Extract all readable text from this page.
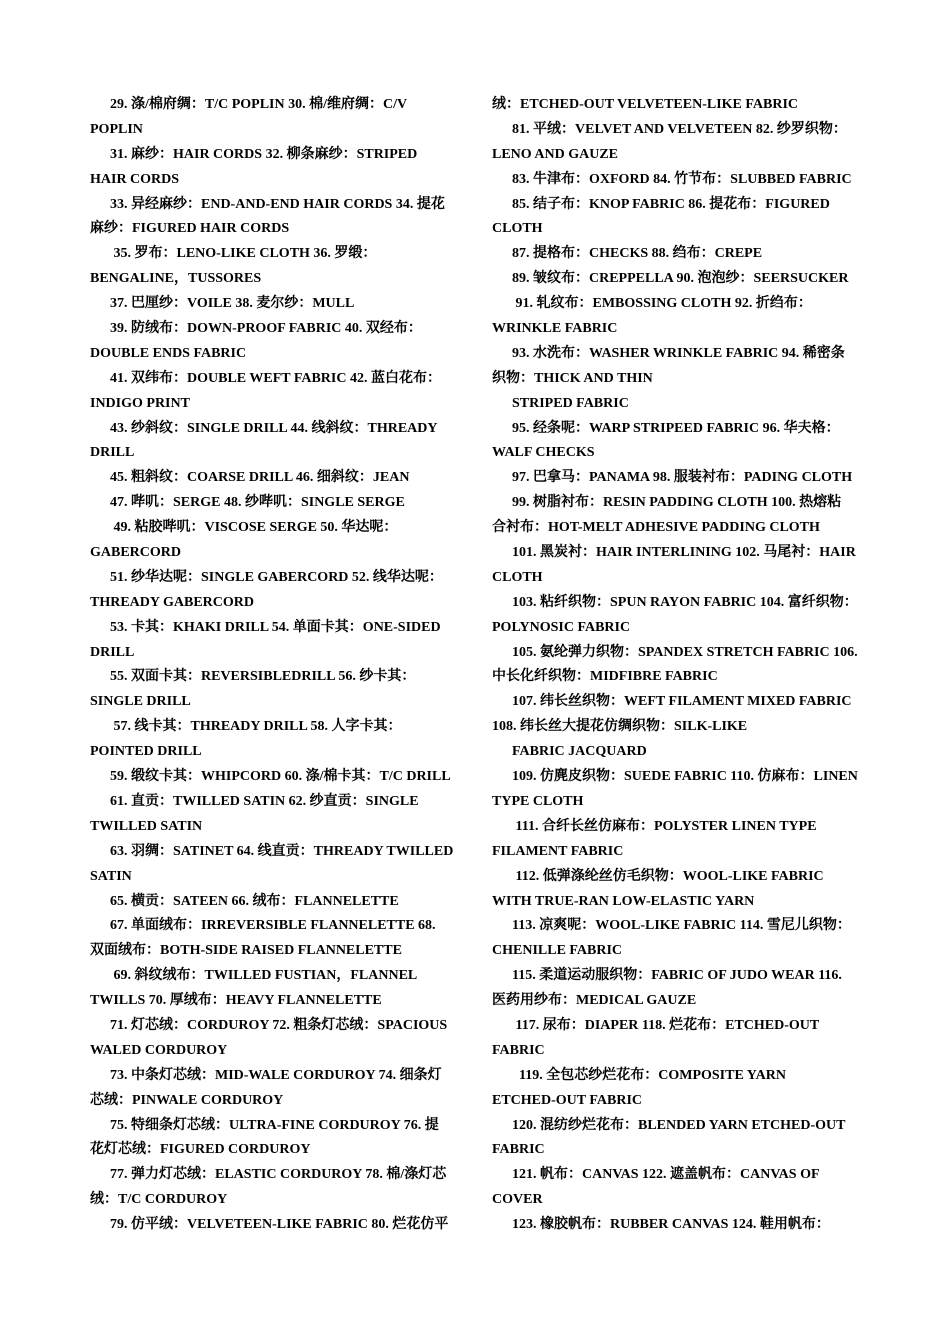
29. 涤/棉府绸：T/C POPLIN 30. 棉/维府绸：C/V
POPLIN
31. 麻纱：HAIR CORDS 32. 柳条麻纱：STRIPED
HAIR CORDS
33. 异经麻纱：END-AND-END HAIR CORDS 34. 提花
麻纱：FIGURED HAIR CORDS
35. 罗布：LENO-LIKE CLOTH 36. 罗缎：
BENGALINE，TUSSORES
37. 巴厘纱：VOILE 38. 麦尔纱：MULL
39. 防绒布：DOWN-PROOF FABRIC 40. 双经布：
DOUBLE ENDS FABRIC
41. 双纬布：DOUBLE WEFT FABRIC 42. 蓝白花布：
INDIGO PRINT
43. 纱斜纹：SINGLE DRILL 44. 线斜纹：THREADY
DRILL
45. 粗斜纹：COARSE DRILL 46. 细斜纹：JEAN
47. 哔叽：SERGE 48. 纱哔叽：SINGLE SERGE
49. 粘胶哔叽：VISCOSE SERGE 50. 华达呢：
GABERCORD
51. 纱华达呢：SINGLE GABERCORD 52. 线华达呢：
THREADY GABERCORD
53. 卡其：KHAKI DRILL 54. 单面卡其：ONE-SIDED
DRILL
55. 双面卡其：REVERSIBLEDRILL 56. 纱卡其：
SINGLE DRILL
57. 线卡其：THREADY DRILL 58. 人字卡其：
POINTED DRILL
59. 缎纹卡其：WHIPCORD 60. 涤/棉卡其：T/C DRILL
61. 直贡：TWILLED SATIN 62. 纱直贡：SINGLE
TWILLED SATIN
63. 羽绸：SATINET 64. 线直贡：THREADY TWILLED
SATIN
65. 横贡：SATEEN 66. 绒布：FLANNELETTE
67. 单面绒布：IRREVERSIBLE FLANNELETTE 68.
双面绒布：BOTH-SIDE RAISED FLANNELETTE
69. 斜纹绒布：TWILLED FUSTIAN，FLANNEL
TWILLS 70. 厚绒布：HEAVY FLANNELETTE
71. 灯芯绒：CORDUROY 72. 粗条灯芯绒：SPACIOUS
WALED CORDUROY
73. 中条灯芯绒：MID-WALE CORDUROY 74. 细条灯
芯绒：PINWALE CORDUROY
75. 特细条灯芯绒：ULTRA-FINE CORDUROY 76. 提
花灯芯绒：FIGURED CORDUROY
77. 弹力灯芯绒：ELASTIC CORDUROY 78. 棉/涤灯芯
绒：T/C CORDUROY
79. 仿平绒：VELVETEEN-LIKE FABRIC 80. 烂花仿平
绒：ETCHED-OUT VELVETEEN-LIKE FABRIC
81. 平绒：VELVET AND VELVETEEN 82. 纱罗织物：
LENO AND GAUZE
83. 牛津布：OXFORD 84. 竹节布：SLUBBED FABRIC
85. 结子布：KNOP FABRIC 86. 提花布：FIGURED
CLOTH
87. 提格布：CHECKS 88. 绉布：CREPE
89. 皱纹布：CREPPELLA 90. 泡泡纱：SEERSUCKER
91. 轧纹布：EMBOSSING CLOTH 92. 折绉布：
WRINKLE FABRIC
93. 水洗布：WASHER WRINKLE FABRIC 94. 稀密条
织物：THICK AND THIN
STRIPED FABRIC
95. 经条呢：WARP STRIPEED FABRIC 96. 华夫格：
WALF CHECKS
97. 巴拿马：PANAMA 98. 服装衬布：PADING CLOTH
99. 树脂衬布：RESIN PADDING CLOTH 100. 热熔粘
合衬布：HOT-MELT ADHESIVE PADDING CLOTH
101. 黑炭衬：HAIR INTERLINING 102. 马尾衬：HAIR
CLOTH
103. 粘纤织物：SPUN RAYON FABRIC 104. 富纤织物：
POLYNOSIC FABRIC
105. 氨纶弹力织物：SPANDEX STRETCH FABRIC 106.
中长化纤织物：MIDFIBRE FABRIC
107. 纬长丝织物：WEFT FILAMENT MIXED FABRIC
108. 纬长丝大提花仿绸织物：SILK-LIKE
FABRIC JACQUARD
109. 仿麂皮织物：SUEDE FABRIC 110. 仿麻布：LINEN
TYPE CLOTH
111. 合纤长丝仿麻布：POLYSTER LINEN TYPE
FILAMENT FABRIC
112. 低弹涤纶丝仿毛织物：WOOL-LIKE FABRIC
WITH TRUE-RAN LOW-ELASTIC YARN
113. 凉爽呢：WOOL-LIKE FABRIC 114. 雪尼儿织物：
CHENILLE FABRIC
115. 柔道运动服织物：FABRIC OF JUDO WEAR 116.
医药用纱布：MEDICAL GAUZE
117. 尿布：DIAPER 118. 烂花布：ETCHED-OUT
FABRIC
119. 全包芯纱烂花布：COMPOSITE YARN
ETCHED-OUT FABRIC
120. 混纺纱烂花布：BLENDED YARN ETCHED-OUT
FABRIC
121. 帆布：CANVAS 122. 遮盖帆布：CANVAS OF
COVER
123. 橡胶帆布：RUBBER CANVAS 124. 鞋用帆布：
